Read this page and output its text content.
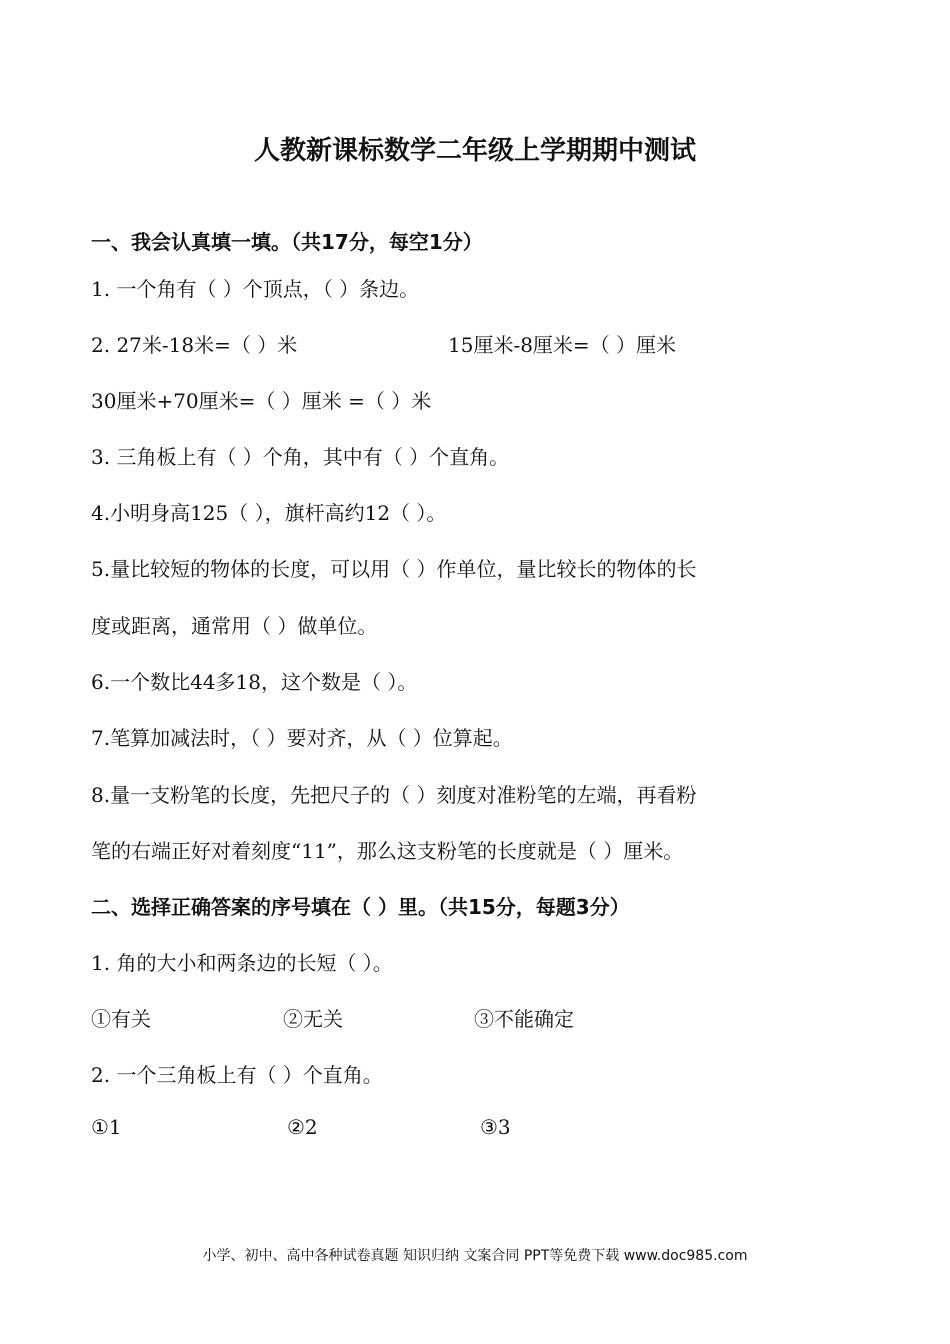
人教新课标数学二年级上学期期中测试
一、我会认真填一填。（共17分，每空1分）
1. 一个角有（ ）个顶点，（ ）条边。
2. 27米-18米=（ ）米	15厘米-8厘米=（ ）厘米
30厘米+70厘米=（ ）厘米 =（ ）米
3. 三角板上有（ ）个角，其中有（ ）个直角。
4.小明身高125（ ），旗杆高约12（ ）。
5.量比较短的物体的长度，可以用（ ）作单位，量比较长的物体的长
度或距离，通常用（ ）做单位。
6.一个数比44多18，这个数是（ ）。
7.笔算加减法时，（ ）要对齐，从（ ）位算起。
8.量一支粉笔的长度，先把尺子的（ ）刻度对准粉笔的左端，再看粉
笔的右端正好对着刻度“11”，那么这支粉笔的长度就是（ ）厘米。
二、选择正确答案的序号填在（ ）里。（共15分，每题3分）
1. 角的大小和两条边的长短（ ）。
①有关	②无关	③不能确定
2. 一个三角板上有（ ）个直角。
①1	②2	③3
小学、初中、高中各种试卷真题 知识归纳 文案合同 PPT等免费下载 www.doc985.com
